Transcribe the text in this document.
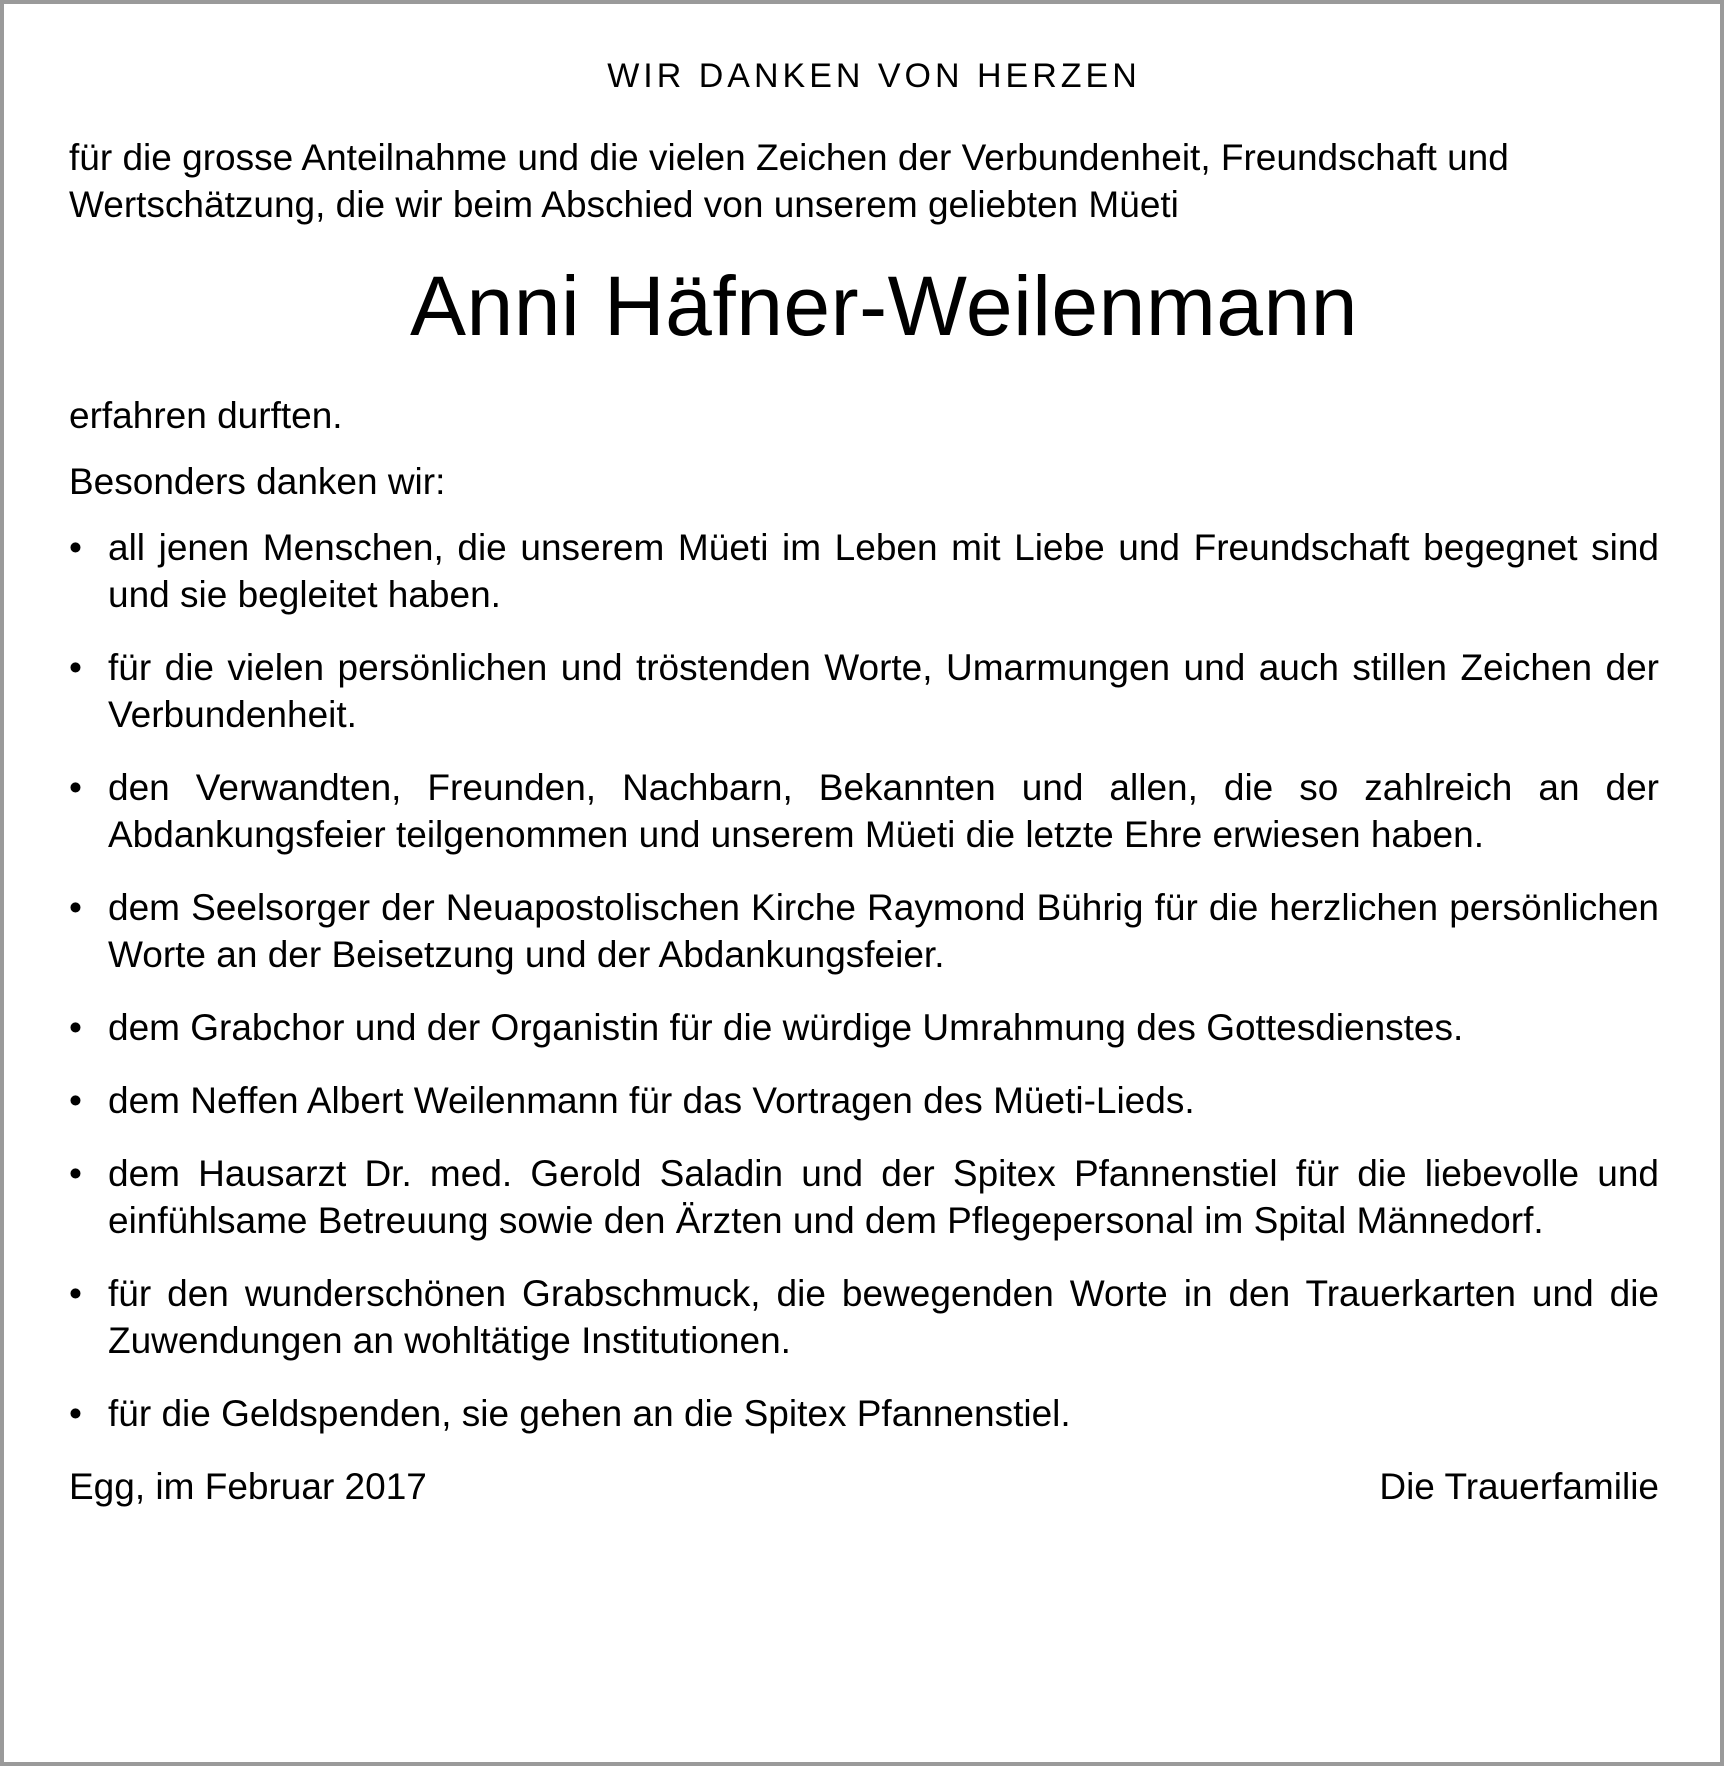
WIR DANKEN VON HERZEN

für die grosse Anteilnahme und die vielen Zeichen der Verbundenheit, Freundschaft und Wertschätzung, die wir beim Abschied von unserem geliebten Müeti

Anni Häfner-Weilenmann

erfahren durften.

Besonders danken wir:

• all jenen Menschen, die unserem Müeti im Leben mit Liebe und Freundschaft begegnet sind und sie begleitet haben.
• für die vielen persönlichen und tröstenden Worte, Umarmungen und auch stillen Zeichen der Verbundenheit.
• den Verwandten, Freunden, Nachbarn, Bekannten und allen, die so zahlreich an der Abdankungsfeier teilgenommen und unserem Müeti die letzte Ehre erwiesen haben.
• dem Seelsorger der Neuapostolischen Kirche Raymond Bührig für die herzlichen persönlichen Worte an der Beisetzung und der Abdankungsfeier.
• dem Grabchor und der Organistin für die würdige Umrahmung des Gottesdienstes.
• dem Neffen Albert Weilenmann für das Vortragen des Müeti-Lieds.
• dem Hausarzt Dr. med. Gerold Saladin und der Spitex Pfannenstiel für die liebevolle und einfühlsame Betreuung sowie den Ärzten und dem Pflegepersonal im Spital Männedorf.
• für den wunderschönen Grabschmuck, die bewegenden Worte in den Trauerkarten und die Zuwendungen an wohltätige Institutionen.
• für die Geldspenden, sie gehen an die Spitex Pfannenstiel.
Egg, im Februar 2017	Die Trauerfamilie
